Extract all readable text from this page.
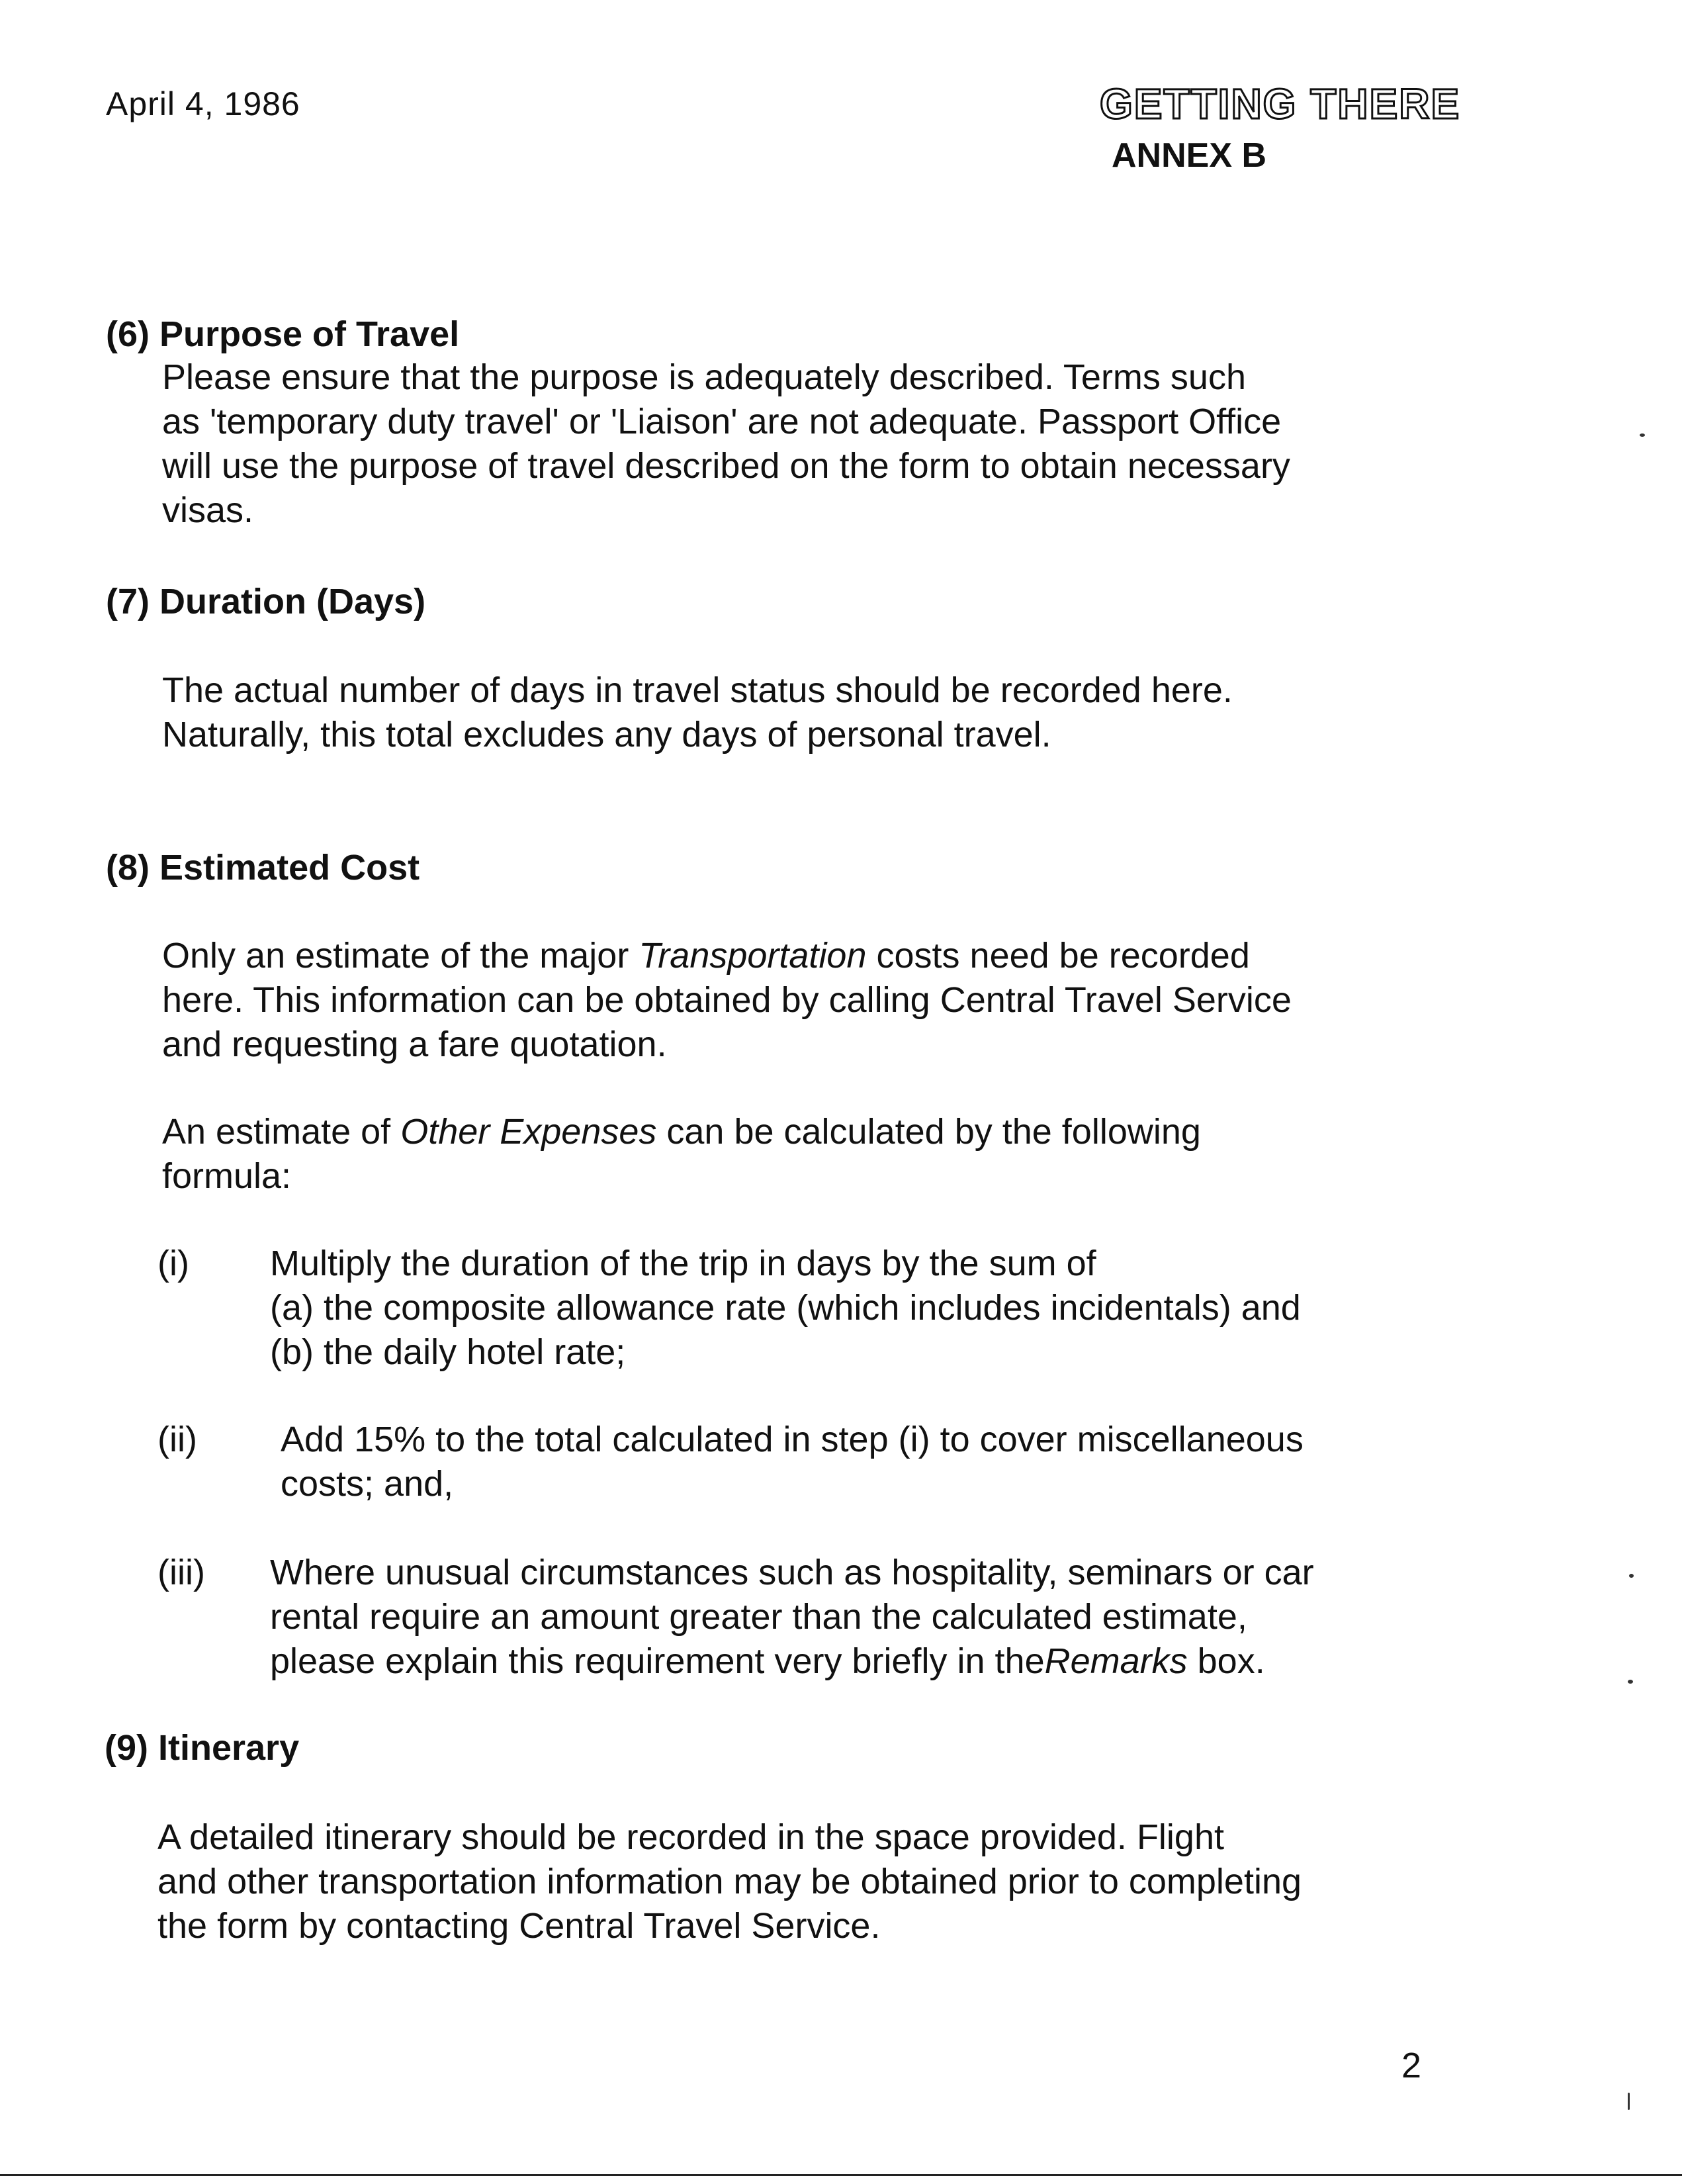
April 4, 1986	GETTING THERE
ANNEX B
(6) Purpose of Travel
Please ensure that the purpose is adequately described. Terms such
as 'temporary duty travel' or 'Liaison' are not adequate. Passport Office
will use the purpose of travel described on the form to obtain necessary
visas.
(7) Duration (Days)
The actual number of days in travel status should be recorded here.
Naturally, this total excludes any days of personal travel.
(8) Estimated Cost
Only an estimate of the major Transportation costs need be recorded
here. This information can be obtained by calling Central Travel Service
and requesting a fare quotation.
An estimate of Other Expenses can be calculated by the following
formula:
(i) Multiply the duration of the trip in days by the sum of
(a) the composite allowance rate (which includes incidentals) and
(b) the daily hotel rate;
(ii) Add 15% to the total calculated in step (i) to cover miscellaneous
costs; and,
(iii) Where unusual circumstances such as hospitality, seminars or car
rental require an amount greater than the calculated estimate,
please explain this requirement very briefly in theRemarks box.
(9) Itinerary
A detailed itinerary should be recorded in the space provided. Flight
and other transportation information may be obtained prior to completing
the form by contacting Central Travel Service.
2
